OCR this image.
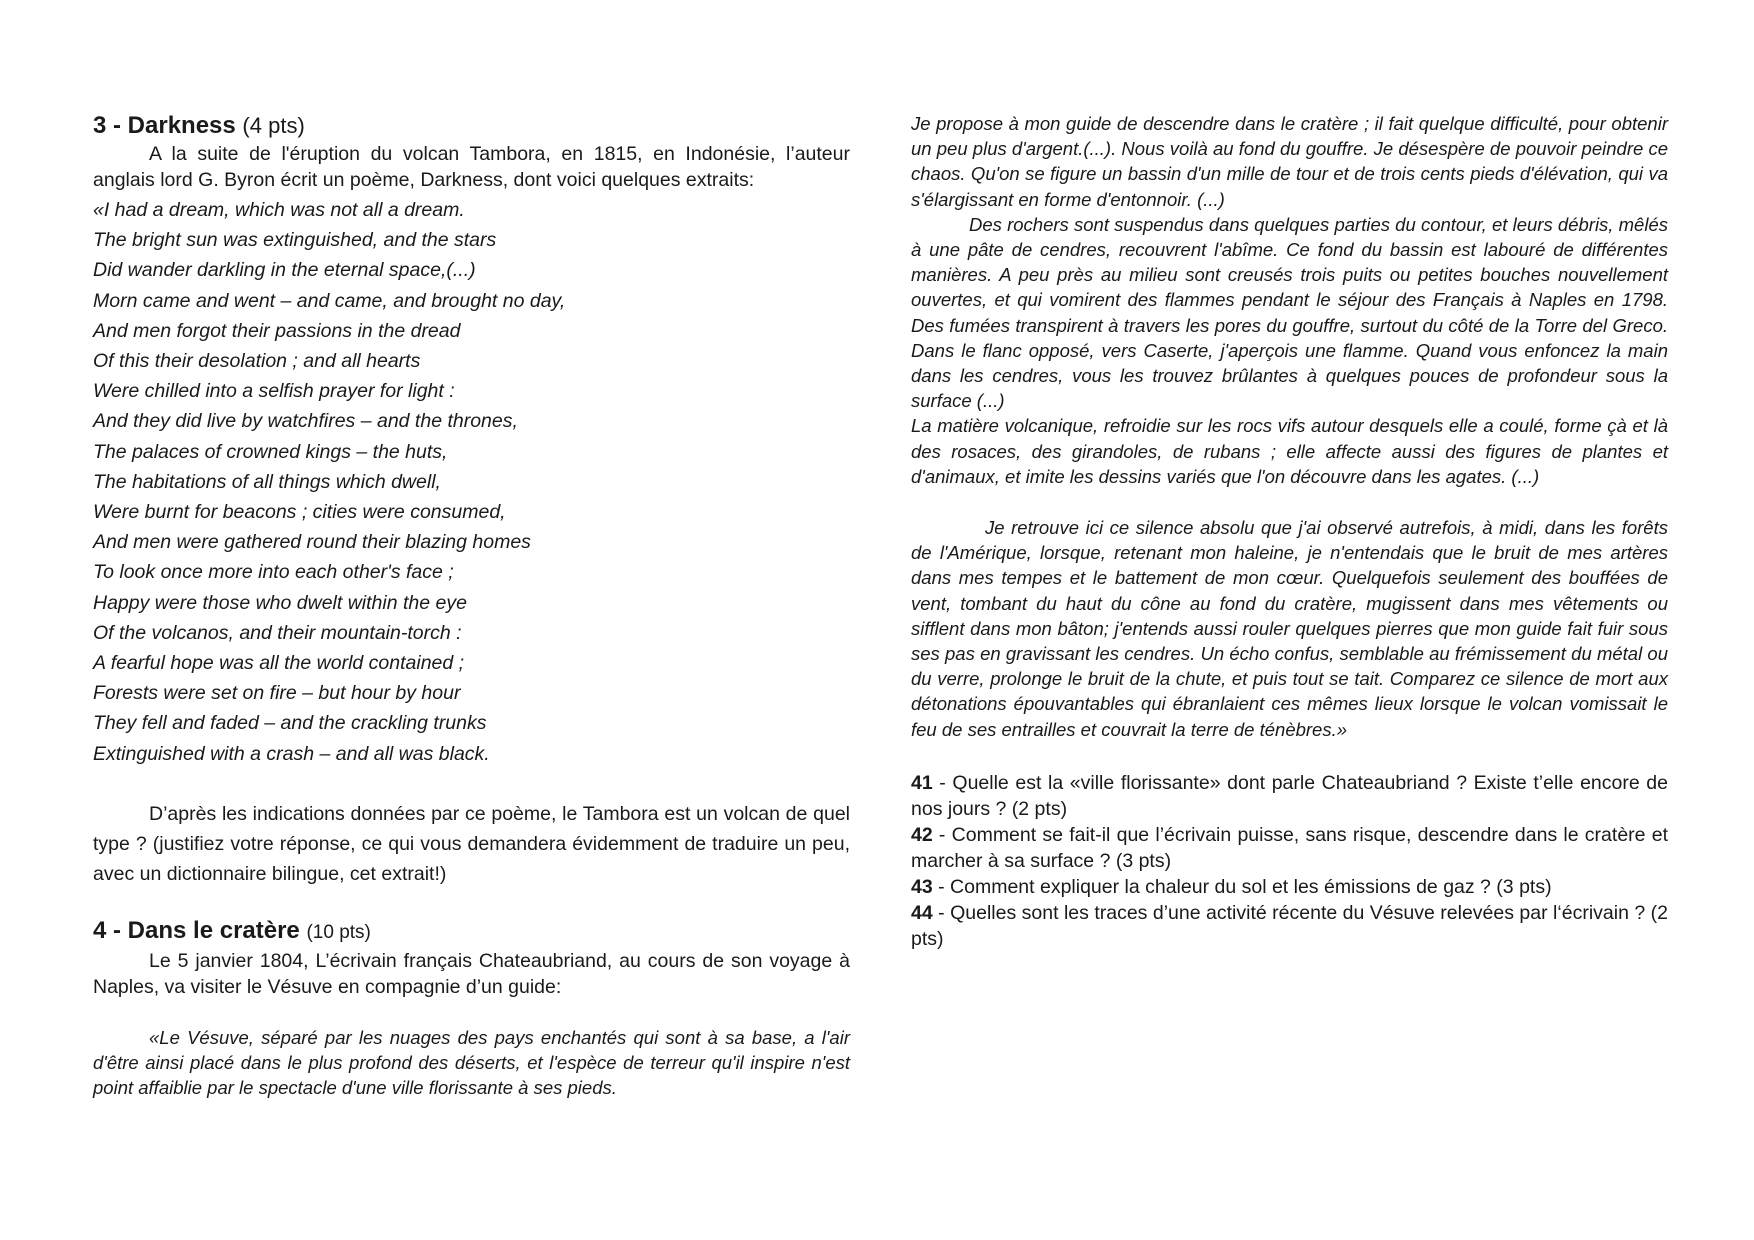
3 - Darkness (4 pts)

A la suite de l'éruption du volcan Tambora, en 1815, en Indonésie, l’auteur anglais lord G. Byron écrit un poème, Darkness, dont voici quelques extraits:

«I had a dream, which was not all a dream.
The bright sun was extinguished, and the stars
Did wander darkling in the eternal space,(...)
Morn came and went – and came, and brought no day,
And men forgot their passions in the dread
Of this their desolation ; and all hearts
Were chilled into a selfish prayer for light :
And they did live by watchfires – and the thrones,
The palaces of crowned kings – the huts,
The habitations of all things which dwell,
Were burnt for beacons ; cities were consumed,
And men were gathered round their blazing homes
To look once more into each other's face ;
Happy were those who dwelt within the eye
Of the volcanos, and their mountain-torch :
A fearful hope was all the world contained ;
Forests were set on fire – but hour by hour
They fell and faded – and the crackling trunks
Extinguished with a crash – and all was black.

D’après les indications données par ce poème, le Tambora est un volcan de quel type ? (justifiez votre réponse, ce qui vous demandera évidemment de traduire un peu, avec un dictionnaire bilingue, cet extrait!)

4 - Dans le cratère (10 pts)

Le 5 janvier 1804, L’écrivain français Chateaubriand, au cours de son voyage à Naples, va visiter le Vésuve en compagnie d’un guide:

«Le Vésuve, séparé par les nuages des pays enchantés qui sont à sa base, a l'air d'être ainsi placé dans le plus profond des déserts, et l'espèce de terreur qu'il inspire n'est point affaiblie par le spectacle d'une ville florissante à ses pieds.

Je propose à mon guide de descendre dans le cratère ; il fait quelque difficulté, pour obtenir un peu plus d'argent.(...). Nous voilà au fond du gouffre. Je désespère de pouvoir peindre ce chaos. Qu'on se figure un bassin d'un mille de tour et de trois cents pieds d'élévation, qui va s'élargissant en forme d'entonnoir. (...)

Des rochers sont suspendus dans quelques parties du contour, et leurs débris, mêlés à une pâte de cendres, recouvrent l'abîme. Ce fond du bassin est labouré de différentes manières. A peu près au milieu sont creusés trois puits ou petites bouches nouvellement ouvertes, et qui vomirent des flammes pendant le séjour des Français à Naples en 1798. Des fumées transpirent à travers les pores du gouffre, surtout du côté de la Torre del Greco. Dans le flanc opposé, vers Caserte, j'aperçois une flamme. Quand vous enfoncez la main dans les cendres, vous les trouvez brûlantes à quelques pouces de profondeur sous la surface (...)

La matière volcanique, refroidie sur les rocs vifs autour desquels elle a coulé, forme çà et là des rosaces, des girandoles, de rubans ; elle affecte aussi des figures de plantes et d'animaux, et imite les dessins variés que l'on découvre dans les agates. (...)

Je retrouve ici ce silence absolu que j'ai observé autrefois, à midi, dans les forêts de l'Amérique, lorsque, retenant mon haleine, je n'entendais que le bruit de mes artères dans mes tempes et le battement de mon cœur. Quelquefois seulement des bouffées de vent, tombant du haut du cône au fond du cratère, mugissent dans mes vêtements ou sifflent dans mon bâton; j'entends aussi rouler quelques pierres que mon guide fait fuir sous ses pas en gravissant les cendres. Un écho confus, semblable au frémissement du métal ou du verre, prolonge le bruit de la chute, et puis tout se tait. Comparez ce silence de mort aux détonations épouvantables qui ébranlaient ces mêmes lieux lorsque le volcan vomissait le feu de ses entrailles et couvrait la terre de ténèbres.»

41 - Quelle est la «ville florissante» dont parle Chateaubriand ? Existe t’elle encore de nos jours ? (2 pts)

42 - Comment se fait-il que l’écrivain puisse, sans risque, descendre dans le cratère et marcher à sa surface ? (3 pts)

43 - Comment expliquer la chaleur du sol et les émissions de gaz ? (3 pts)

44 - Quelles sont les traces d’une activité récente du Vésuve relevées par l‘écrivain ? (2 pts)
